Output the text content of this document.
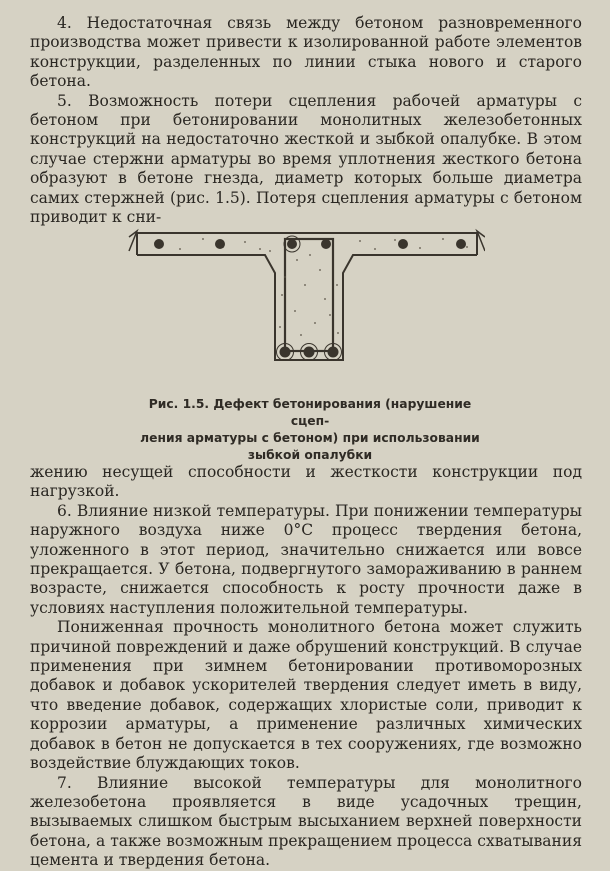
4. Недостаточная связь между бетоном разновременного производства может привести к изолированной работе элементов конструкции, разделенных по линии стыка нового и старого бетона.

5. Возможность потери сцепления рабочей арматуры с бетоном при бетонировании монолитных железобетонных конструкций на недостаточно жесткой и зыбкой опалубке. В этом случае стержни арматуры во время уплотнения жесткого бетона образуют в бетоне гнезда, диаметр которых больше диаметра самих стержней (рис. 1.5). Потеря сцепления арматуры с бетоном приводит к сни-

Рис. 1.5. Дефект бетонирования (нарушение сцеп-
ления арматуры с бетоном) при использовании
зыбкой опалубки

жению несущей способности и жесткости конструкции под нагрузкой.

6. Влияние низкой температуры. При понижении температуры наружного воздуха ниже 0°С процесс твердения бетона, уложенного в этот период, значительно снижается или вовсе прекращается. У бетона, подвергнутого замораживанию в раннем возрасте, снижается способность к росту прочности даже в условиях наступления положительной температуры.

Пониженная прочность монолитного бетона может служить причиной повреждений и даже обрушений конструкций. В случае применения при зимнем бетонировании противоморозных добавок и добавок ускорителей твердения следует иметь в виду, что введение добавок, содержащих хлористые соли, приводит к коррозии арматуры, а применение различных химических добавок в бетон не допускается в тех сооружениях, где возможно воздействие блуждающих токов.

7. Влияние высокой температуры для монолитного железобетона проявляется в виде усадочных трещин, вызываемых слишком быстрым высыханием верхней поверхности бетона, а также возможным прекращением процесса схватывания цемента и твердения бетона.
